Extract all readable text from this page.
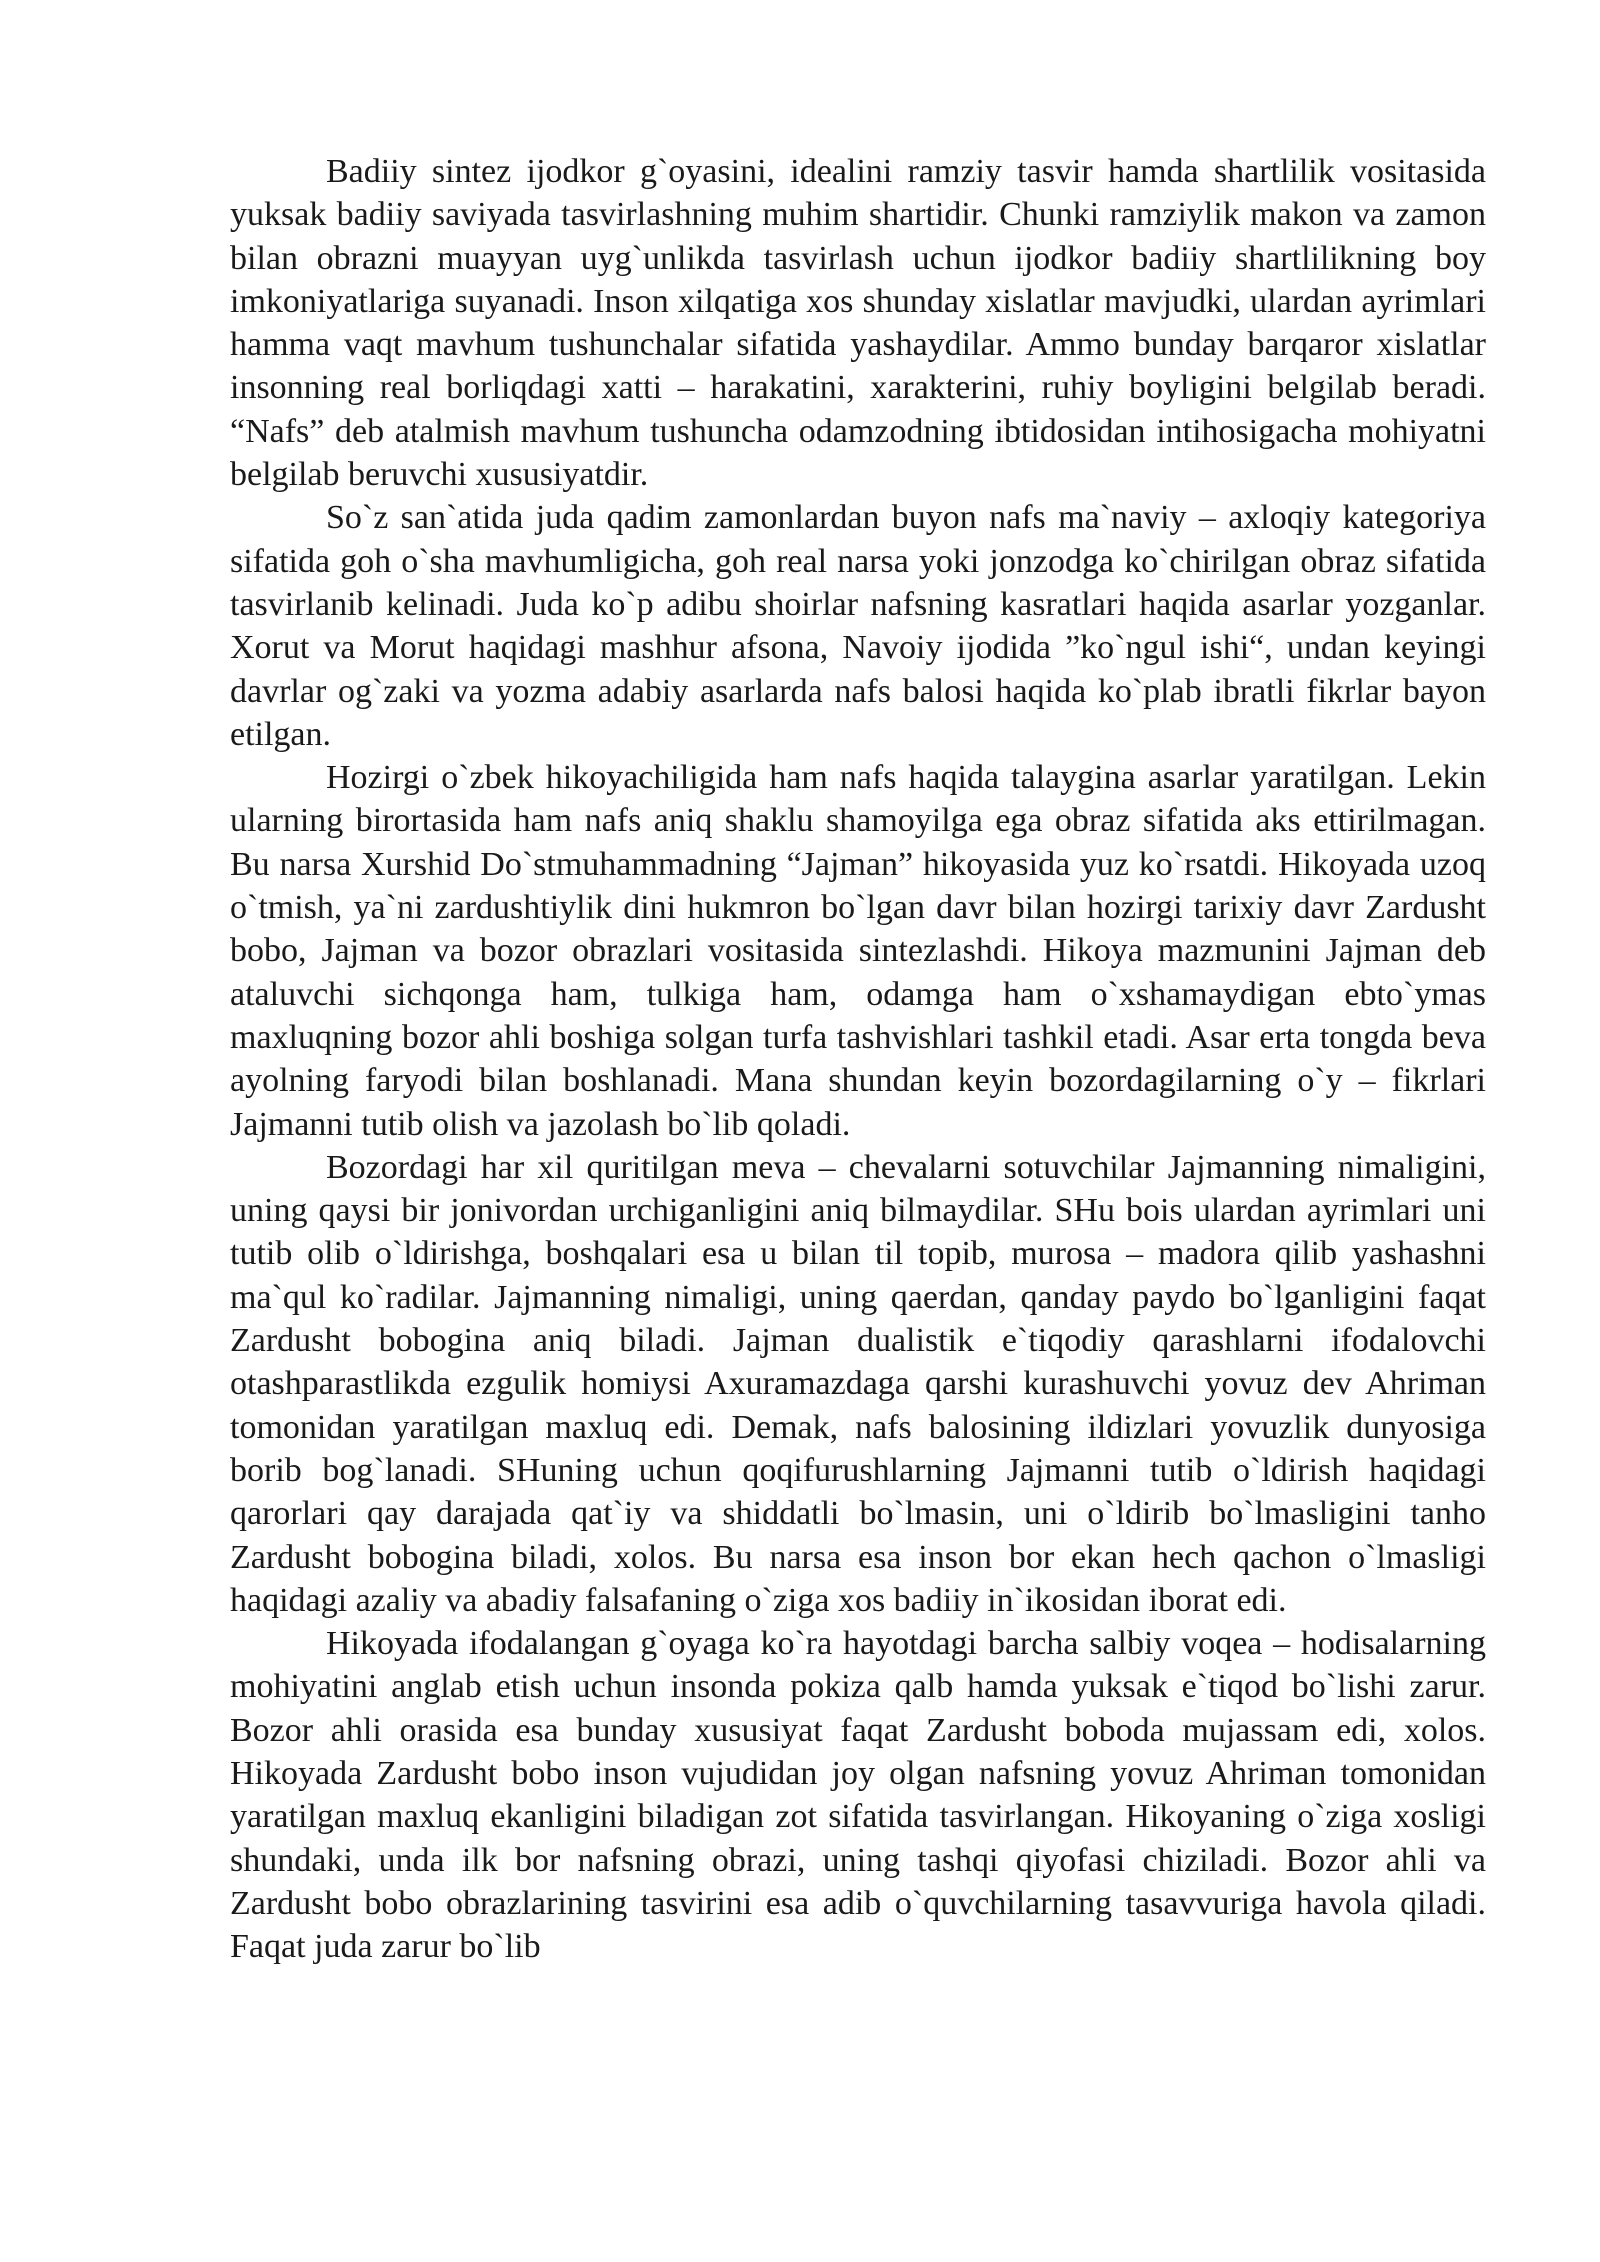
Badiiy sintez ijodkor g`oyasini, idealini ramziy tasvir hamda shartlilik vositasida yuksak badiiy saviyada tasvirlashning muhim shartidir. Chunki ramziylik makon va zamon bilan obrazni muayyan uyg`unlikda tasvirlash uchun ijodkor badiiy shartlilikning boy imkoniyatlariga suyanadi. Inson xilqatiga xos shunday xislatlar mavjudki, ulardan ayrimlari hamma vaqt mavhum tushunchalar sifatida yashaydilar. Ammo bunday barqaror xislatlar insonning real borliqdagi xatti – harakatini, xarakterini, ruhiy boyligini belgilab beradi. “Nafs” deb atalmish mavhum tushuncha odamzodning ibtidosidan intihosigacha mohiyatni belgilab beruvchi xususiyatdir.

So`z san`atida juda qadim zamonlardan buyon nafs ma`naviy – axloqiy kategoriya sifatida goh o`sha mavhumligicha, goh real narsa yoki jonzodga ko`chirilgan obraz sifatida tasvirlanib kelinadi. Juda ko`p adibu shoirlar nafsning kasratlari haqida asarlar yozganlar. Xorut va Morut haqidagi mashhur afsona, Navoiy ijodida ”ko`ngul ishi“, undan keyingi davrlar og`zaki va yozma adabiy asarlarda nafs balosi haqida ko`plab ibratli fikrlar bayon etilgan.

Hozirgi o`zbek hikoyachiligida ham nafs haqida talaygina asarlar yaratilgan. Lekin ularning birortasida ham nafs aniq shaklu shamoyilga ega obraz sifatida aks ettirilmagan. Bu narsa Xurshid Do`stmuhammadning “Jajman” hikoyasida yuz ko`rsatdi. Hikoyada uzoq o`tmish, ya`ni zardushtiylik dini hukmron bo`lgan davr bilan hozirgi tarixiy davr Zardusht bobo, Jajman va bozor obrazlari vositasida sintezlashdi. Hikoya mazmunini Jajman deb ataluvchi sichqonga ham, tulkiga ham, odamga ham o`xshamaydigan ebto`ymas maxluqning bozor ahli boshiga solgan turfa tashvishlari tashkil etadi. Asar erta tongda beva ayolning faryodi bilan boshlanadi. Mana shundan keyin bozordagilarning o`y – fikrlari Jajmanni tutib olish va jazolash bo`lib qoladi.

Bozordagi har xil quritilgan meva – chevalarni sotuvchilar Jajmanning nimaligini, uning qaysi bir jonivordan urchiganligini aniq bilmaydilar. SHu bois ulardan ayrimlari uni tutib olib o`ldirishga, boshqalari esa u bilan til topib, murosa – madora qilib yashashni ma`qul ko`radilar. Jajmanning nimaligi, uning qaerdan, qanday paydo bo`lganligini faqat Zardusht bobogina aniq biladi. Jajman dualistik e`tiqodiy qarashlarni ifodalovchi otashparastlikda ezgulik homiysi Axuramazdaga qarshi kurashuvchi yovuz dev Ahriman tomonidan yaratilgan maxluq edi. Demak, nafs balosining ildizlari yovuzlik dunyosiga borib bog`lanadi. SHuning uchun qoqifurushlarning Jajmanni tutib o`ldirish haqidagi qarorlari qay darajada qat`iy va shiddatli bo`lmasin, uni o`ldirib bo`lmasligini tanho Zardusht bobogina biladi, xolos. Bu narsa esa inson bor ekan hech qachon o`lmasligi haqidagi azaliy va abadiy falsafaning o`ziga xos badiiy in`ikosidan iborat edi.

Hikoyada ifodalangan g`oyaga ko`ra hayotdagi barcha salbiy voqea – hodisalarning mohiyatini anglab etish uchun insonda pokiza qalb hamda yuksak e`tiqod bo`lishi zarur. Bozor ahli orasida esa bunday xususiyat faqat Zardusht boboda mujassam edi, xolos. Hikoyada Zardusht bobo inson vujudidan joy olgan nafsning yovuz Ahriman tomonidan yaratilgan maxluq ekanligini biladigan zot sifatida tasvirlangan. Hikoyaning o`ziga xosligi shundaki, unda ilk bor nafsning obrazi, uning tashqi qiyofasi chiziladi. Bozor ahli va Zardusht bobo obrazlarining tasvirini esa adib o`quvchilarning tasavvuriga havola qiladi. Faqat juda zarur bo`lib
